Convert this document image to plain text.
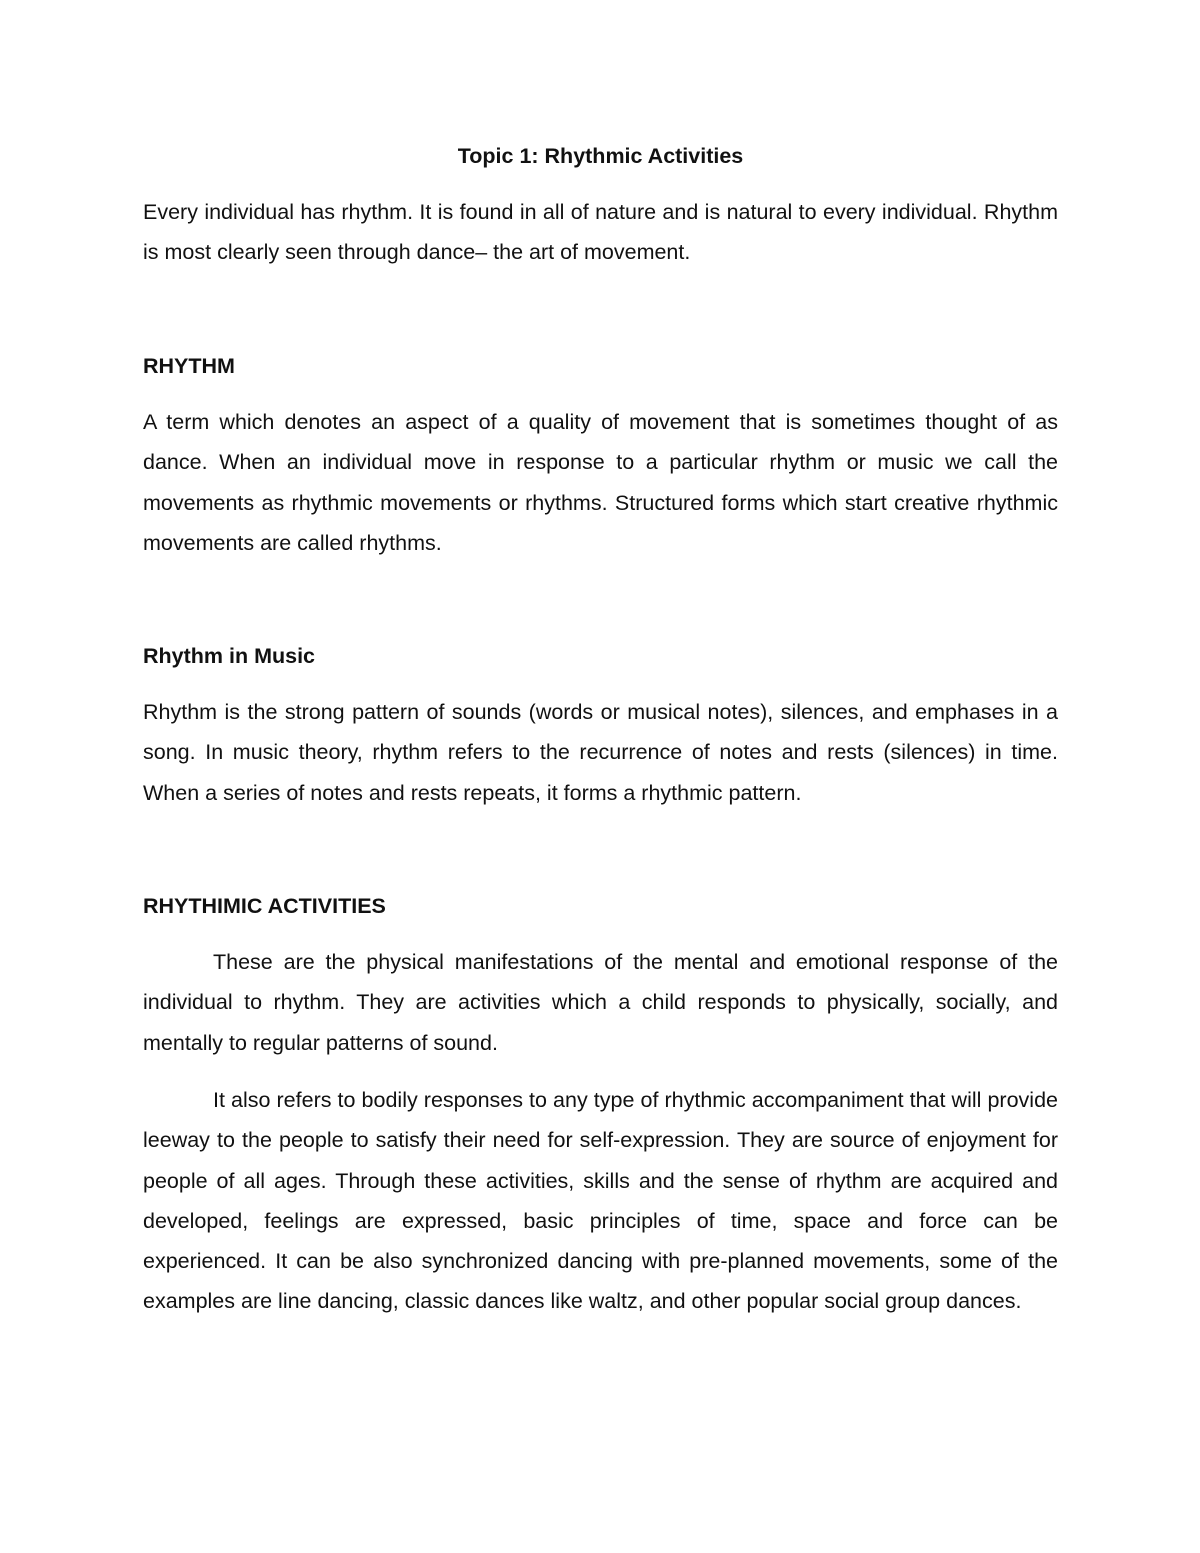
Topic 1: Rhythmic Activities

Every individual has rhythm. It is found in all of nature and is natural to every individual. Rhythm is most clearly seen through dance– the art of movement.

RHYTHM

A term which denotes an aspect of a quality of movement that is sometimes thought of as dance. When an individual move in response to a particular rhythm or music we call the movements as rhythmic movements or rhythms. Structured forms which start creative rhythmic movements are called rhythms.

Rhythm in Music

Rhythm is the strong pattern of sounds (words or musical notes), silences, and emphases in a song. In music theory, rhythm refers to the recurrence of notes and rests (silences) in time. When a series of notes and rests repeats, it forms a rhythmic pattern.

RHYTHIMIC ACTIVITIES

These are the physical manifestations of the mental and emotional response of the individual to rhythm. They are activities which a child responds to physically, socially, and mentally to regular patterns of sound.

It also refers to bodily responses to any type of rhythmic accompaniment that will provide leeway to the people to satisfy their need for self-expression. They are source of enjoyment for people of all ages. Through these activities, skills and the sense of rhythm are acquired and developed, feelings are expressed, basic principles of time, space and force can be experienced. It can be also synchronized dancing with pre-planned movements, some of the examples are line dancing, classic dances like waltz, and other popular social group dances.
